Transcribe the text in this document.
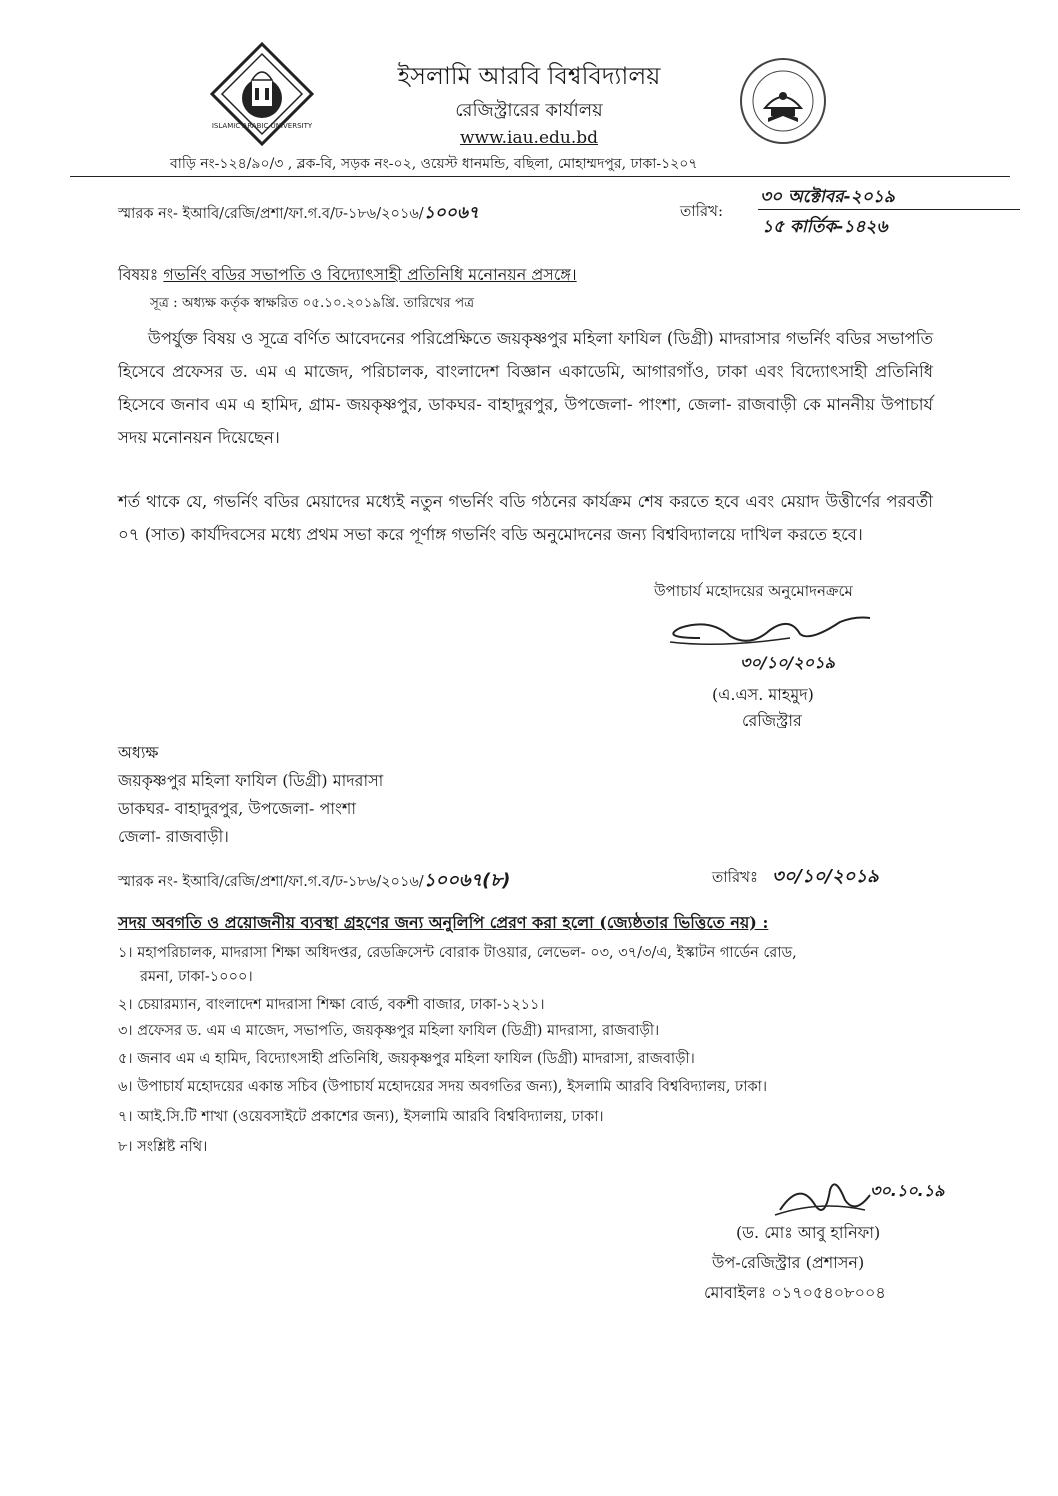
ISLAMIC ARABIC UNIVERSITY
ইসলামি আরবি বিশ্ববিদ্যালয়
রেজিস্ট্রারের কার্যালয়
www.iau.edu.bd
বাড়ি নং-১২৪/৯০/৩ , ব্লক-বি, সড়ক নং-০২, ওয়েস্ট ধানমন্ডি, বছিলা, মোহাম্মদপুর, ঢাকা-১২০৭
স্মারক নং- ইআবি/রেজি/প্রশা/ফা.গ.ব/ঢ-১৮৬/২০১৬/১০০৬৭	তারিখ:
৩০ অক্টোবর-২০১৯
১৫ কার্তিক-১৪২৬
বিষয়ঃ গভর্নিং বডির সভাপতি ও বিদ্যোৎসাহী প্রতিনিধি মনোনয়ন প্রসঙ্গে।
সূত্র : অধ্যক্ষ কর্তৃক স্বাক্ষরিত ০৫.১০.২০১৯খ্রি. তারিখের পত্র
উপর্যুক্ত বিষয় ও সূত্রে বর্ণিত আবেদনের পরিপ্রেক্ষিতে জয়কৃষ্ণপুর মহিলা ফাযিল (ডিগ্রী) মাদরাসার গভর্নিং বডির সভাপতি হিসেবে প্রফেসর ড. এম এ মাজেদ, পরিচালক, বাংলাদেশ বিজ্ঞান একাডেমি, আগারগাঁও, ঢাকা এবং বিদ্যোৎসাহী প্রতিনিধি হিসেবে জনাব এম এ হামিদ, গ্রাম- জয়কৃষ্ণপুর, ডাকঘর- বাহাদুরপুর, উপজেলা- পাংশা, জেলা- রাজবাড়ী কে মাননীয় উপাচার্য সদয় মনোনয়ন দিয়েছেন।
শর্ত থাকে যে, গভর্নিং বডির মেয়াদের মধ্যেই নতুন গভর্নিং বডি গঠনের কার্যক্রম শেষ করতে হবে এবং মেয়াদ উত্তীর্ণের পরবর্তী ০৭ (সাত) কার্যদিবসের মধ্যে প্রথম সভা করে পূর্ণাঙ্গ গভর্নিং বডি অনুমোদনের জন্য বিশ্ববিদ্যালয়ে দাখিল করতে হবে।
উপাচার্য মহোদয়ের অনুমোদনক্রমে
৩০/১০/২০১৯
(এ.এস. মাহমুদ)
রেজিস্ট্রার
অধ্যক্ষ
জয়কৃষ্ণপুর মহিলা ফাযিল (ডিগ্রী) মাদরাসা
ডাকঘর- বাহাদুরপুর, উপজেলা- পাংশা
জেলা- রাজবাড়ী।
স্মারক নং- ইআবি/রেজি/প্রশা/ফা.গ.ব/ঢ-১৮৬/২০১৬/১০০৬৭(৮)	তারিখঃ ৩০/১০/২০১৯
সদয় অবগতি ও প্রয়োজনীয় ব্যবস্থা গ্রহণের জন্য অনুলিপি প্রেরণ করা হলো (জ্যেষ্ঠতার ভিত্তিতে নয়) :
১। মহাপরিচালক, মাদরাসা শিক্ষা অধিদপ্তর, রেডক্রিসেন্ট বোরাক টাওয়ার, লেভেল- ০৩, ৩৭/৩/এ, ইস্কাটন গার্ডেন রোড,
রমনা, ঢাকা-১০০০।
২। চেয়ারম্যান, বাংলাদেশ মাদরাসা শিক্ষা বোর্ড, বকশী বাজার, ঢাকা-১২১১।
৩। প্রফেসর ড. এম এ মাজেদ, সভাপতি, জয়কৃষ্ণপুর মহিলা ফাযিল (ডিগ্রী) মাদরাসা, রাজবাড়ী।
৫। জনাব এম এ হামিদ, বিদ্যোৎসাহী প্রতিনিধি, জয়কৃষ্ণপুর মহিলা ফাযিল (ডিগ্রী) মাদরাসা, রাজবাড়ী।
৬। উপাচার্য মহোদয়ের একান্ত সচিব (উপাচার্য মহোদয়ের সদয় অবগতির জন্য), ইসলামি আরবি বিশ্ববিদ্যালয়, ঢাকা।
৭। আই.সি.টি শাখা (ওয়েবসাইটে প্রকাশের জন্য), ইসলামি আরবি বিশ্ববিদ্যালয়, ঢাকা।
৮। সংশ্লিষ্ট নথি।
৩০.১০.১৯
(ড. মোঃ আবু হানিফা)
উপ-রেজিস্ট্রার (প্রশাসন)
মোবাইলঃ ০১৭০৫৪০৮০০৪
